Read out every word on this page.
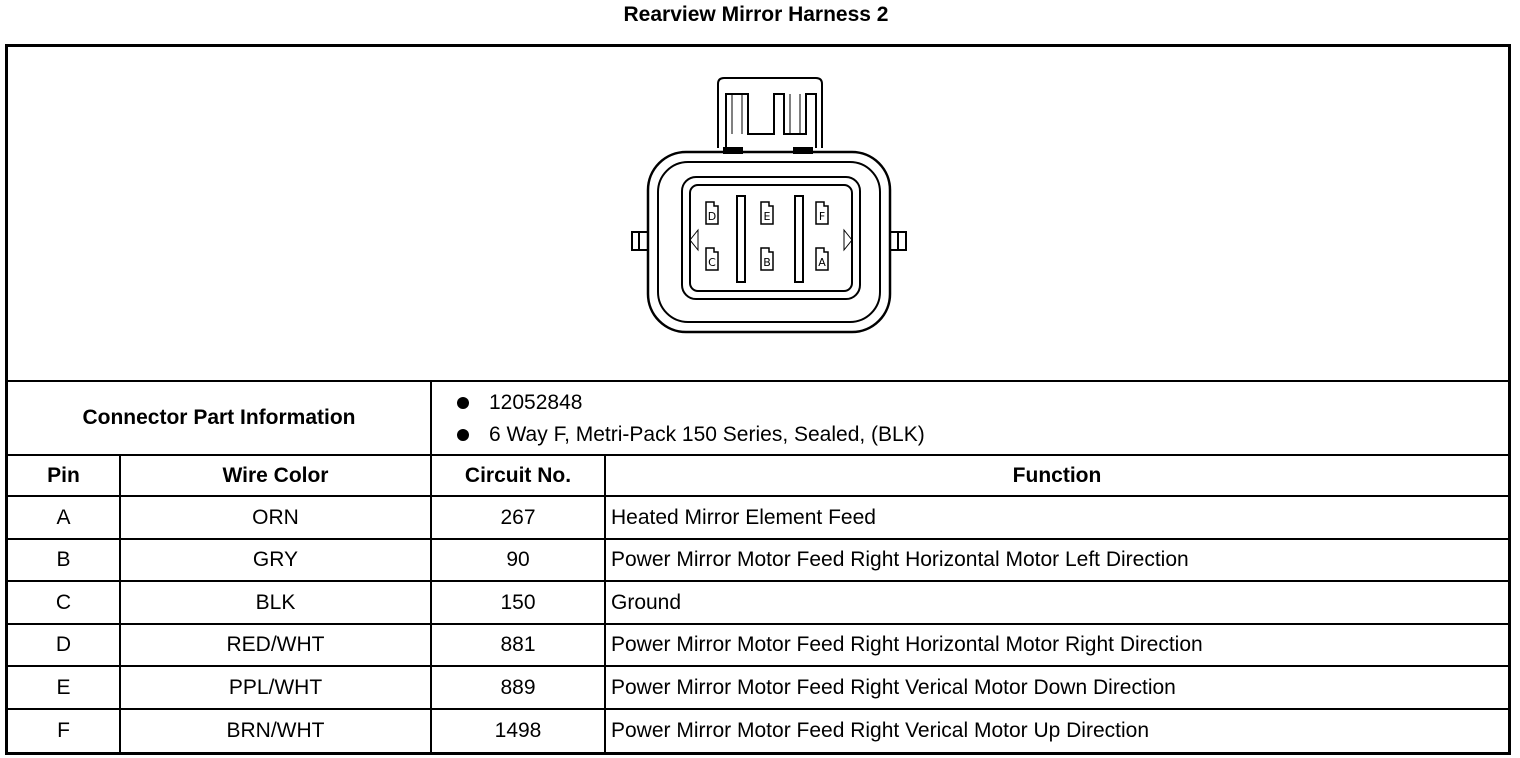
Rearview Mirror Harness 2
D	E	F
C	B	A
Connector Part Information
12052848
6 Way F, Metri-Pack 150 Series, Sealed, (BLK)
Pin	Wire Color	Circuit No.	Function
A	ORN	267	Heated Mirror Element Feed
B	GRY	90	Power Mirror Motor Feed Right Horizontal Motor Left Direction
C	BLK	150	Ground
D	RED/WHT	881	Power Mirror Motor Feed Right Horizontal Motor Right Direction
E	PPL/WHT	889	Power Mirror Motor Feed Right Verical Motor Down Direction
F	BRN/WHT	1498	Power Mirror Motor Feed Right Verical Motor Up Direction
